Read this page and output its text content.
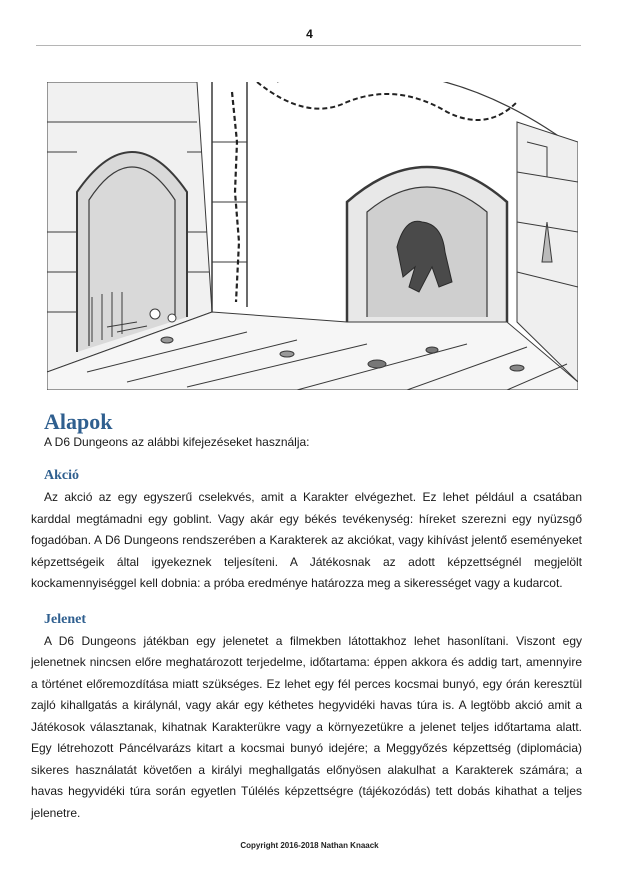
4
Alapok

A D6 Dungeons az alábbi kifejezéseket használja:

Akció

Az akció az egy egyszerű cselekvés, amit a Karakter elvégezhet. Ez lehet például a csatában karddal megtámadni egy goblint. Vagy akár egy békés tevékenység: híreket szerezni egy nyüzsgő fogadóban. A D6 Dungeons rendszerében a Karakterek az akciókat, vagy kihívást jelentő eseményeket képzettségeik által igyekeznek teljesíteni. A Játékosnak az adott képzettségnél megjelölt kockamennyiséggel kell dobnia: a próba eredménye határozza meg a sikerességet vagy a kudarcot.

Jelenet

A D6 Dungeons játékban egy jelenetet a filmekben látottakhoz lehet hasonlítani. Viszont egy jelenetnek nincsen előre meghatározott terjedelme, időtartama: éppen akkora és addig tart, amennyire a történet előremozdítása miatt szükséges. Ez lehet egy fél perces kocsmai bunyó, egy órán keresztül zajló kihallgatás a királynál, vagy akár egy kéthetes hegyvidéki havas túra is. A legtöbb akció amit a Játékosok választanak, kihatnak Karakterükre vagy a környezetükre a jelenet teljes időtartama alatt. Egy létrehozott Páncélvarázs kitart a kocsmai bunyó idejére; a Meggyőzés képzettség (diplomácia) sikeres használatát követően a királyi meghallgatás előnyösen alakulhat a Karakterek számára; a havas hegyvidéki túra során egyetlen Túlélés képzettségre (tájékozódás) tett dobás kihathat a teljes jelenetre.

Copyright 2016-2018 Nathan Knaack
